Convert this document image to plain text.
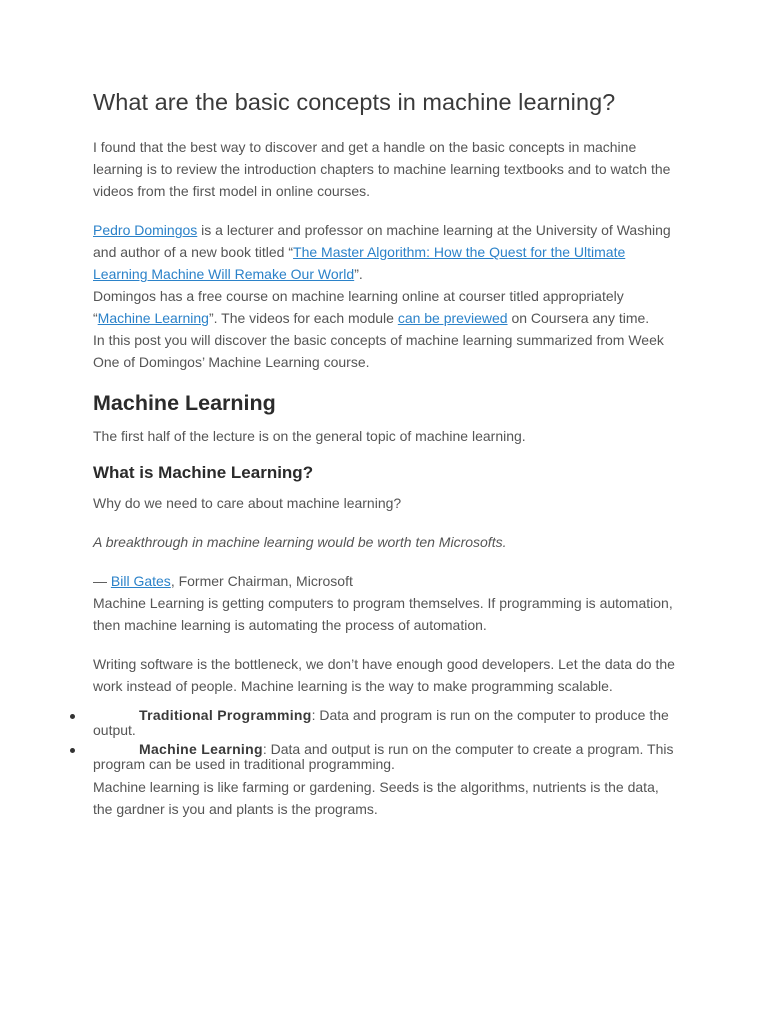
What are the basic concepts in machine learning?

I found that the best way to discover and get a handle on the basic concepts in machine learning is to review the introduction chapters to machine learning textbooks and to watch the videos from the first model in online courses.

Pedro Domingos is a lecturer and professor on machine learning at the University of Washing and author of a new book titled “The Master Algorithm: How the Quest for the Ultimate Learning Machine Will Remake Our World”.

Domingos has a free course on machine learning online at courser titled appropriately “Machine Learning”. The videos for each module can be previewed on Coursera any time.

In this post you will discover the basic concepts of machine learning summarized from Week One of Domingos’ Machine Learning course.

Machine Learning

The first half of the lecture is on the general topic of machine learning.

What is Machine Learning?

Why do we need to care about machine learning?

A breakthrough in machine learning would be worth ten Microsofts.

— Bill Gates, Former Chairman, Microsoft

Machine Learning is getting computers to program themselves. If programming is automation, then machine learning is automating the process of automation.

Writing software is the bottleneck, we don’t have enough good developers. Let the data do the work instead of people. Machine learning is the way to make programming scalable.

Traditional Programming: Data and program is run on the computer to produce the output.
Machine Learning: Data and output is run on the computer to create a program. This program can be used in traditional programming.

Machine learning is like farming or gardening. Seeds is the algorithms, nutrients is the data, the gardner is you and plants is the programs.
